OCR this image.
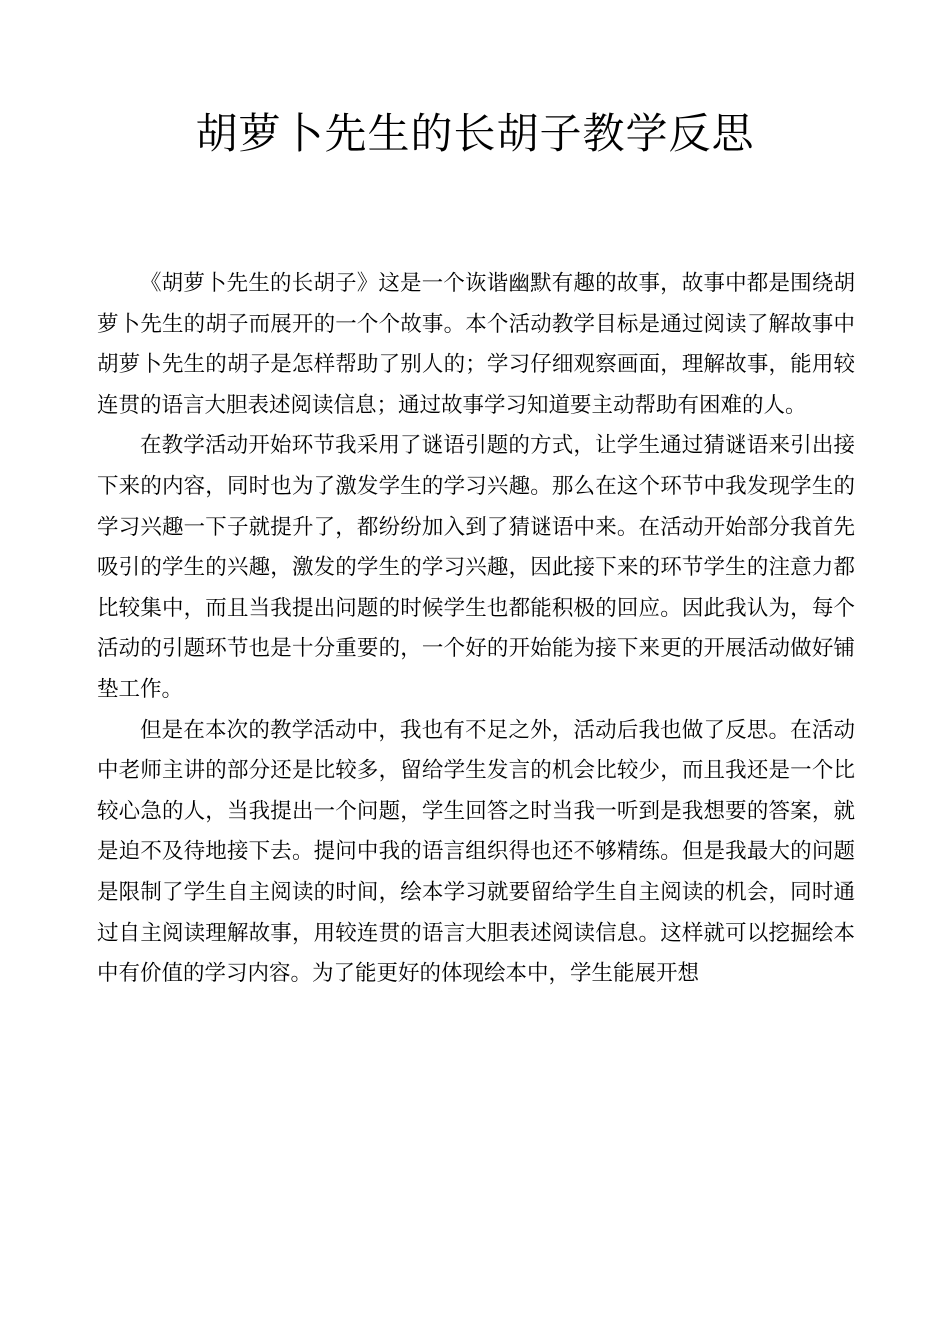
胡萝卜先生的长胡子教学反思

《胡萝卜先生的长胡子》这是一个诙谐幽默有趣的故事，故事中都是围绕胡萝卜先生的胡子而展开的一个个故事。本个活动教学目标是通过阅读了解故事中胡萝卜先生的胡子是怎样帮助了别人的；学习仔细观察画面，理解故事，能用较连贯的语言大胆表述阅读信息；通过故事学习知道要主动帮助有困难的人。

在教学活动开始环节我采用了谜语引题的方式，让学生通过猜谜语来引出接下来的内容，同时也为了激发学生的学习兴趣。那么在这个环节中我发现学生的学习兴趣一下子就提升了，都纷纷加入到了猜谜语中来。在活动开始部分我首先吸引的学生的兴趣，激发的学生的学习兴趣，因此接下来的环节学生的注意力都比较集中，而且当我提出问题的时候学生也都能积极的回应。因此我认为，每个活动的引题环节也是十分重要的，一个好的开始能为接下来更的开展活动做好铺垫工作。

但是在本次的教学活动中，我也有不足之外，活动后我也做了反思。在活动中老师主讲的部分还是比较多，留给学生发言的机会比较少，而且我还是一个比较心急的人，当我提出一个问题，学生回答之时当我一听到是我想要的答案，就是迫不及待地接下去。提问中我的语言组织得也还不够精练。但是我最大的问题是限制了学生自主阅读的时间，绘本学习就要留给学生自主阅读的机会，同时通过自主阅读理解故事，用较连贯的语言大胆表述阅读信息。这样就可以挖掘绘本中有价值的学习内容。为了能更好的体现绘本中，学生能展开想
